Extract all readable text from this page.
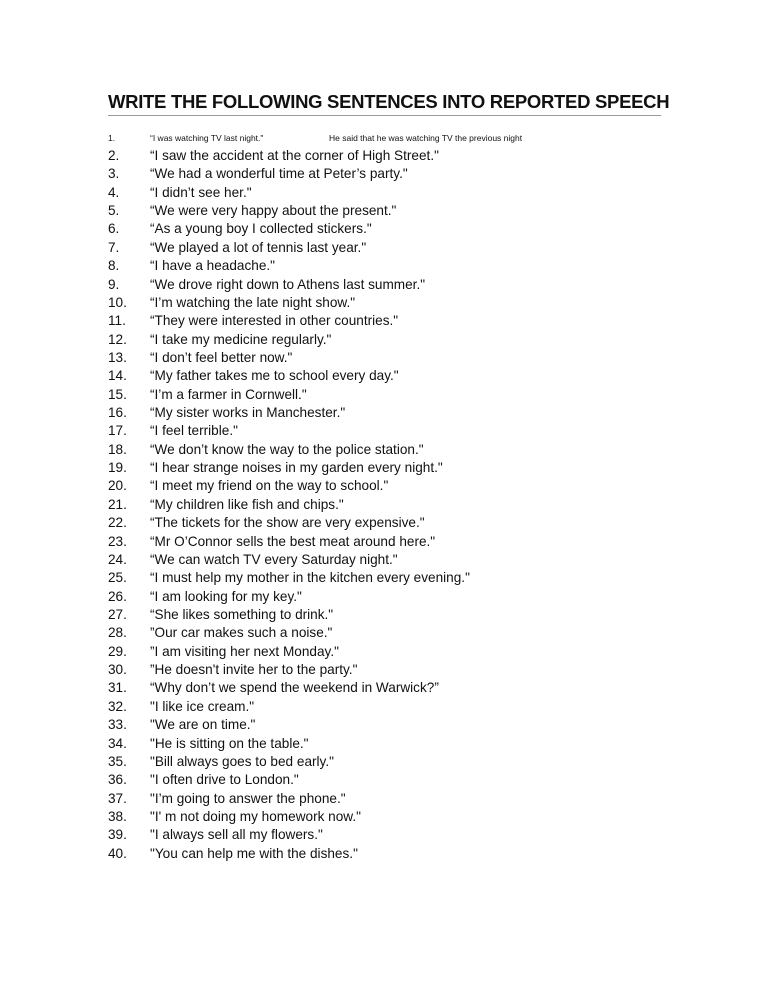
WRITE THE FOLLOWING SENTENCES INTO REPORTED SPEECH
1.	“I was watching TV last night."	He said that he was watching TV the previous night
2. “I saw the accident at the corner of High Street."
3. “We had a wonderful time at Peter’s party."
4. “I didn’t see her."
5. “We were very happy about the present."
6. “As a young boy I collected stickers."
7. “We played a lot of tennis last year."
8. “I have a headache."
9. “We drove right down to Athens last summer."
10. “I’m watching the late night show."
11. “They were interested in other countries."
12. “I take my medicine regularly."
13. “I don’t feel better now."
14. “My father takes me to school every day."
15. “I’m a farmer in Cornwell."
16. “My sister works in Manchester."
17. “I feel terrible."
18. “We don’t know the way to the police station."
19. “I hear strange noises in my garden every night."
20. “I meet my friend on the way to school."
21. “My children like fish and chips."
22. “The tickets for the show are very expensive."
23. “Mr O’Connor sells the best meat around here."
24. “We can watch TV every Saturday night."
25. “I must help my mother in the kitchen every evening."
26. “I am looking for my key."
27. “She likes something to drink."
28. ”Our car makes such a noise."
29. ”I am visiting her next Monday."
30. ”He doesn't invite her to the party."
31. “Why don’t we spend the weekend in Warwick?”
32. "I like ice cream."
33. "We are on time."
34. "He is sitting on the table."
35. "Bill always goes to bed early."
36. "I often drive to London."
37. "I’m going to answer the phone."
38. "I' m not doing my homework now."
39. "I always sell all my flowers."
40. "You can help me with the dishes."
